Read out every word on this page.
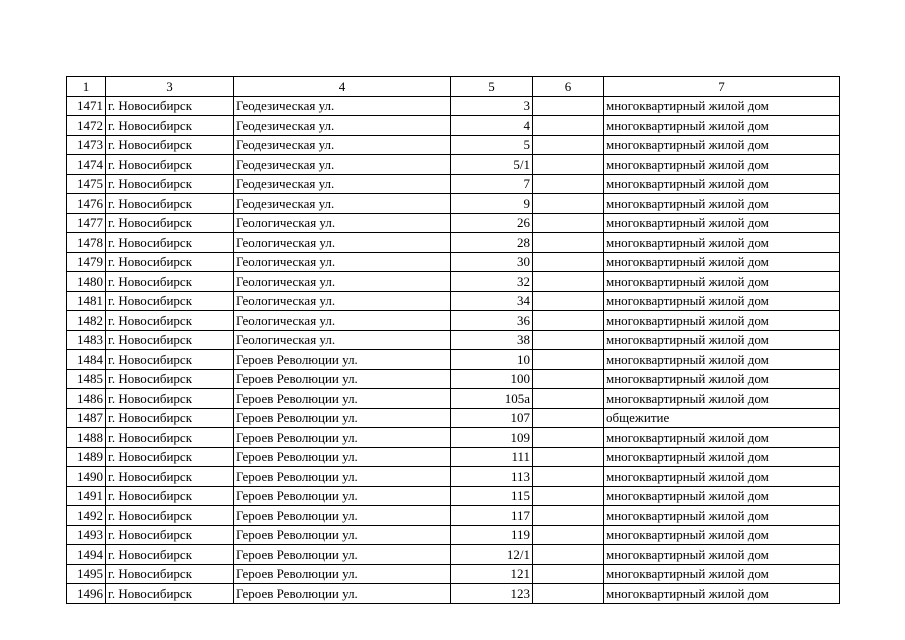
1	3	4	5	6	7
1471	г. Новосибирск	Геодезическая ул.	3		многоквартирный жилой дом
1472	г. Новосибирск	Геодезическая ул.	4		многоквартирный жилой дом
1473	г. Новосибирск	Геодезическая ул.	5		многоквартирный жилой дом
1474	г. Новосибирск	Геодезическая ул.	5/1		многоквартирный жилой дом
1475	г. Новосибирск	Геодезическая ул.	7		многоквартирный жилой дом
1476	г. Новосибирск	Геодезическая ул.	9		многоквартирный жилой дом
1477	г. Новосибирск	Геологическая ул.	26		многоквартирный жилой дом
1478	г. Новосибирск	Геологическая ул.	28		многоквартирный жилой дом
1479	г. Новосибирск	Геологическая ул.	30		многоквартирный жилой дом
1480	г. Новосибирск	Геологическая ул.	32		многоквартирный жилой дом
1481	г. Новосибирск	Геологическая ул.	34		многоквартирный жилой дом
1482	г. Новосибирск	Геологическая ул.	36		многоквартирный жилой дом
1483	г. Новосибирск	Геологическая ул.	38		многоквартирный жилой дом
1484	г. Новосибирск	Героев Революции ул.	10		многоквартирный жилой дом
1485	г. Новосибирск	Героев Революции ул.	100		многоквартирный жилой дом
1486	г. Новосибирск	Героев Революции ул.	105а		многоквартирный жилой дом
1487	г. Новосибирск	Героев Революции ул.	107		общежитие
1488	г. Новосибирск	Героев Революции ул.	109		многоквартирный жилой дом
1489	г. Новосибирск	Героев Революции ул.	111		многоквартирный жилой дом
1490	г. Новосибирск	Героев Революции ул.	113		многоквартирный жилой дом
1491	г. Новосибирск	Героев Революции ул.	115		многоквартирный жилой дом
1492	г. Новосибирск	Героев Революции ул.	117		многоквартирный жилой дом
1493	г. Новосибирск	Героев Революции ул.	119		многоквартирный жилой дом
1494	г. Новосибирск	Героев Революции ул.	12/1		многоквартирный жилой дом
1495	г. Новосибирск	Героев Революции ул.	121		многоквартирный жилой дом
1496	г. Новосибирск	Героев Революции ул.	123		многоквартирный жилой дом
